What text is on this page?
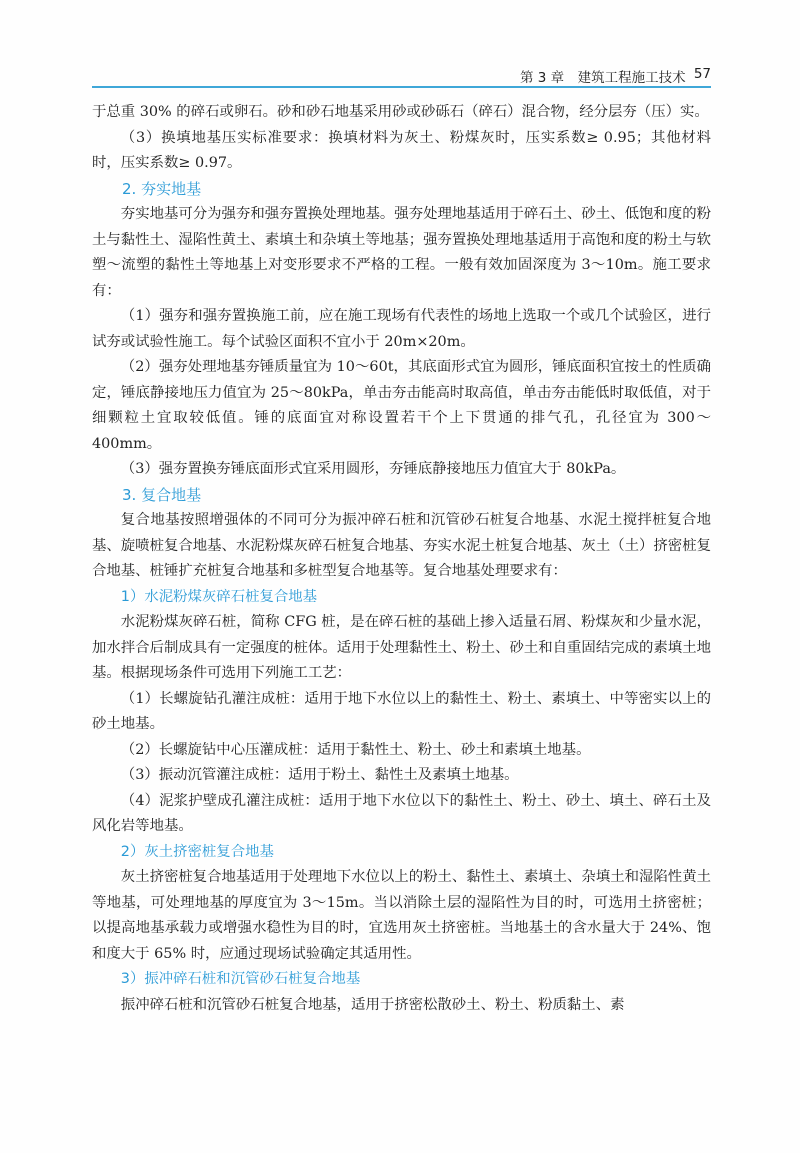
第 3 章　建筑工程施工技术 57

于总重 30% 的碎石或卵石。砂和砂石地基采用砂或砂砾石（碎石）混合物，经分层夯（压）实。

（3）换填地基压实标准要求：换填材料为灰土、粉煤灰时，压实系数≥ 0.95；其他材料时，压实系数≥ 0.97。

2. 夯实地基

夯实地基可分为强夯和强夯置换处理地基。强夯处理地基适用于碎石土、砂土、低饱和度的粉土与黏性土、湿陷性黄土、素填土和杂填土等地基；强夯置换处理地基适用于高饱和度的粉土与软塑～流塑的黏性土等地基上对变形要求不严格的工程。一般有效加固深度为 3～10m。施工要求有：

（1）强夯和强夯置换施工前，应在施工现场有代表性的场地上选取一个或几个试验区，进行试夯或试验性施工。每个试验区面积不宜小于 20m×20m。

（2）强夯处理地基夯锤质量宜为 10～60t，其底面形式宜为圆形，锤底面积宜按土的性质确定，锤底静接地压力值宜为 25～80kPa，单击夯击能高时取高值，单击夯击能低时取低值，对于细颗粒土宜取较低值。锤的底面宜对称设置若干个上下贯通的排气孔，孔径宜为 300～400mm。

（3）强夯置换夯锤底面形式宜采用圆形，夯锤底静接地压力值宜大于 80kPa。

3. 复合地基

复合地基按照增强体的不同可分为振冲碎石桩和沉管砂石桩复合地基、水泥土搅拌桩复合地基、旋喷桩复合地基、水泥粉煤灰碎石桩复合地基、夯实水泥土桩复合地基、灰土（土）挤密桩复合地基、桩锤扩充桩复合地基和多桩型复合地基等。复合地基处理要求有：

1）水泥粉煤灰碎石桩复合地基

水泥粉煤灰碎石桩，简称 CFG 桩，是在碎石桩的基础上掺入适量石屑、粉煤灰和少量水泥，加水拌合后制成具有一定强度的桩体。适用于处理黏性土、粉土、砂土和自重固结完成的素填土地基。根据现场条件可选用下列施工工艺：

（1）长螺旋钻孔灌注成桩：适用于地下水位以上的黏性土、粉土、素填土、中等密实以上的砂土地基。

（2）长螺旋钻中心压灌成桩：适用于黏性土、粉土、砂土和素填土地基。

（3）振动沉管灌注成桩：适用于粉土、黏性土及素填土地基。

（4）泥浆护壁成孔灌注成桩：适用于地下水位以下的黏性土、粉土、砂土、填土、碎石土及风化岩等地基。

2）灰土挤密桩复合地基

灰土挤密桩复合地基适用于处理地下水位以上的粉土、黏性土、素填土、杂填土和湿陷性黄土等地基，可处理地基的厚度宜为 3～15m。当以消除土层的湿陷性为目的时，可选用土挤密桩；以提高地基承载力或增强水稳性为目的时，宜选用灰土挤密桩。当地基土的含水量大于 24%、饱和度大于 65% 时，应通过现场试验确定其适用性。

3）振冲碎石桩和沉管砂石桩复合地基

振冲碎石桩和沉管砂石桩复合地基，适用于挤密松散砂土、粉土、粉质黏土、素
